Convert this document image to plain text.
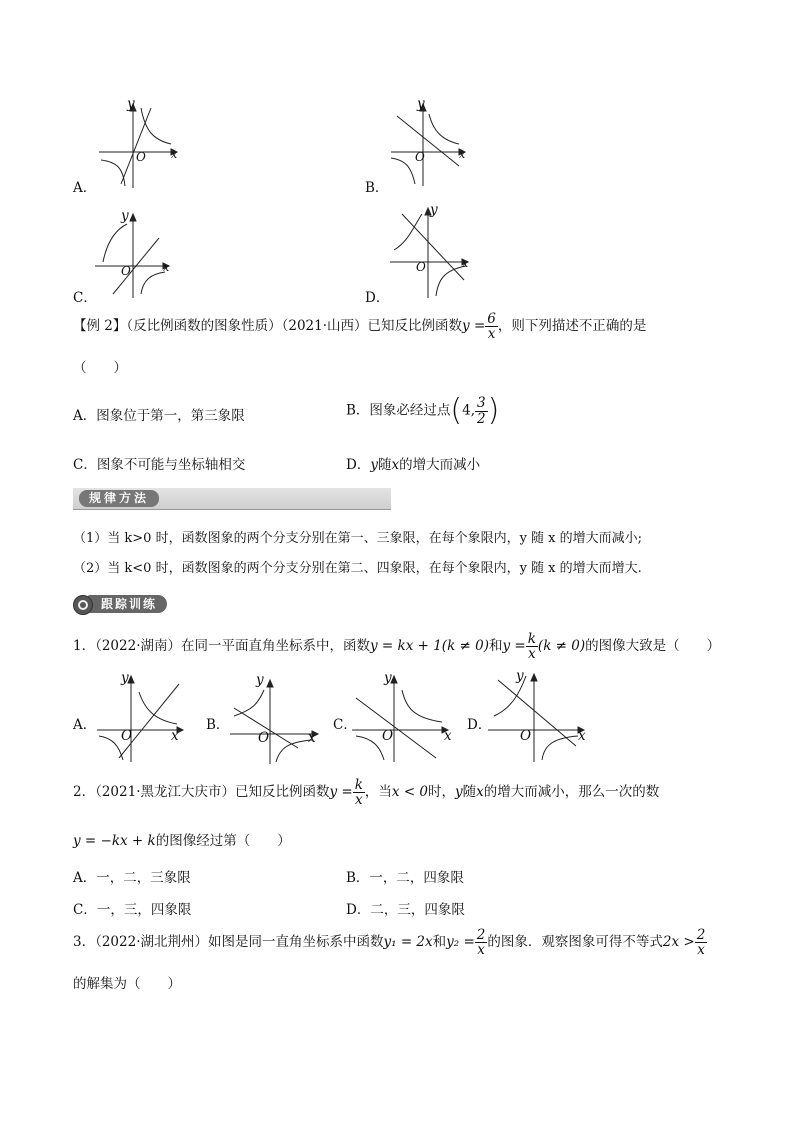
y
x
O
A．
y
x
O
B．
y
x
O
C．
y
x
O
D．
【例 2】（反比例函数的图象性质）（2021·山西）已知反比例函数$y = \frac{6}{x}$ ，则下列描述不正确的是
（　　）
A．图象位于第一，第三象限	B．图象必经过点(4, $\frac{3}{2}$ )
C．图象不可能与坐标轴相交	D．y随x的增大而减小
规律方法
（1）当 k>0 时，函数图象的两个分支分别在第一、三象限，在每个象限内，y 随 x 的增大而减小;
（2）当 k<0 时，函数图象的两个分支分别在第二、四象限，在每个象限内，y 随 x 的增大而增大.
跟踪训练
1．（2022·湖南）在同一平面直角坐标系中，函数y = kx + 1(k ≠ 0)和$y = \frac{k}{x} (k \ne 0)$的图像大致是（　　）
A．
y
x
O
B．
y
x
O
C．
y
x
O
D．
y
x
O
2．（2021·黑龙江大庆市）已知反比例函数$y = \frac{k}{x}$ ，当x < 0时，y随x的增大而减小，那么一次的数
y = −kx + k的图像经过第（　　）
A．一，二，三象限	B．一，二，四象限
C．一，三，四象限	D．二，三，四象限
3．（2022·湖北荆州）如图是同一直角坐标系中函数y₁ = 2x和$y_2 = \frac{2}{x}$ 的图象．观察图象可得不等式$2x > \frac{2}{x}$
的解集为（　　）
